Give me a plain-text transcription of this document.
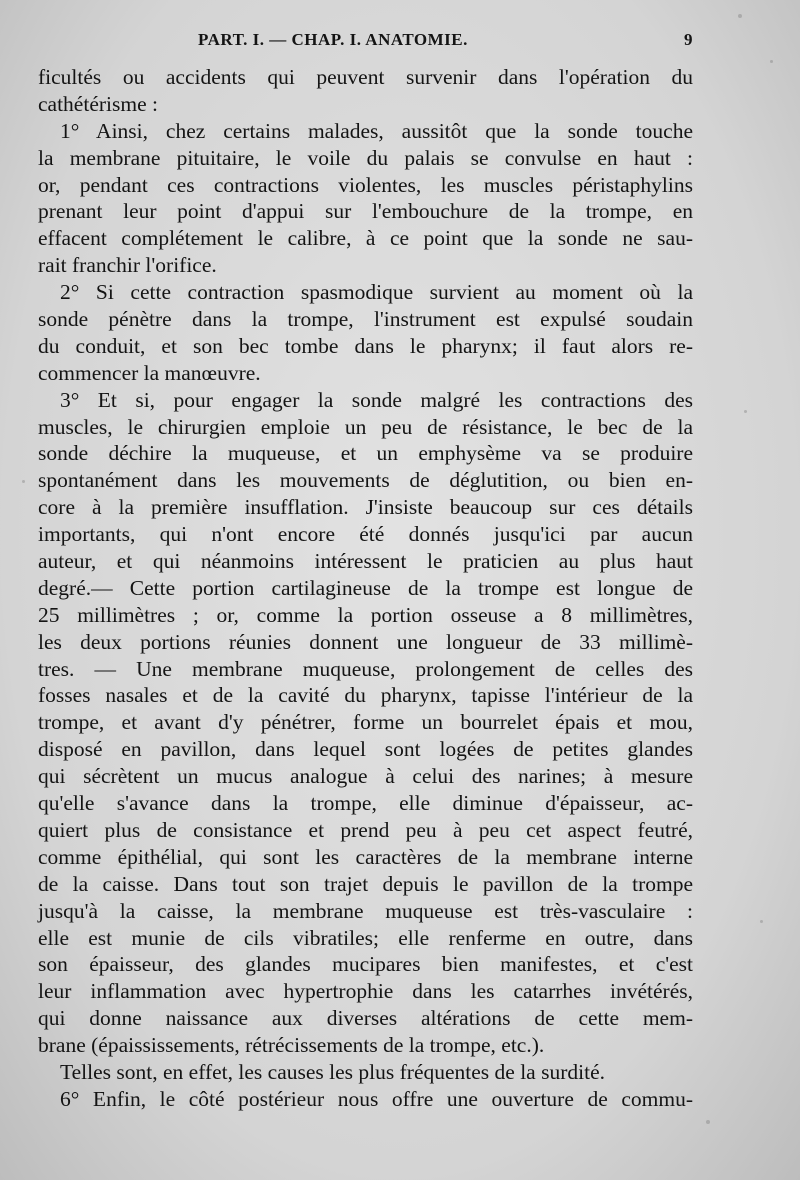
PART. I. — CHAP. I. ANATOMIE.	9
ficultés ou accidents qui peuvent survenir dans l'opération du
cathétérisme :
1° Ainsi, chez certains malades, aussitôt que la sonde touche
la membrane pituitaire, le voile du palais se convulse en haut :
or, pendant ces contractions violentes, les muscles péristaphylins
prenant leur point d'appui sur l'embouchure de la trompe, en
effacent complétement le calibre, à ce point que la sonde ne sau-
rait franchir l'orifice.
2° Si cette contraction spasmodique survient au moment où la
sonde pénètre dans la trompe, l'instrument est expulsé soudain
du conduit, et son bec tombe dans le pharynx; il faut alors re-
commencer la manœuvre.
3° Et si, pour engager la sonde malgré les contractions des
muscles, le chirurgien emploie un peu de résistance, le bec de la
sonde déchire la muqueuse, et un emphysème va se produire
spontanément dans les mouvements de déglutition, ou bien en-
core à la première insufflation. J'insiste beaucoup sur ces détails
importants, qui n'ont encore été donnés jusqu'ici par aucun
auteur, et qui néanmoins intéressent le praticien au plus haut
degré.— Cette portion cartilagineuse de la trompe est longue de
25 millimètres ; or, comme la portion osseuse a 8 millimètres,
les deux portions réunies donnent une longueur de 33 millimè-
tres. — Une membrane muqueuse, prolongement de celles des
fosses nasales et de la cavité du pharynx, tapisse l'intérieur de la
trompe, et avant d'y pénétrer, forme un bourrelet épais et mou,
disposé en pavillon, dans lequel sont logées de petites glandes
qui sécrètent un mucus analogue à celui des narines; à mesure
qu'elle s'avance dans la trompe, elle diminue d'épaisseur, ac-
quiert plus de consistance et prend peu à peu cet aspect feutré,
comme épithélial, qui sont les caractères de la membrane interne
de la caisse. Dans tout son trajet depuis le pavillon de la trompe
jusqu'à la caisse, la membrane muqueuse est très-vasculaire :
elle est munie de cils vibratiles; elle renferme en outre, dans
son épaisseur, des glandes mucipares bien manifestes, et c'est
leur inflammation avec hypertrophie dans les catarrhes invétérés,
qui donne naissance aux diverses altérations de cette mem-
brane (épaississements, rétrécissements de la trompe, etc.).
Telles sont, en effet, les causes les plus fréquentes de la surdité.
6° Enfin, le côté postérieur nous offre une ouverture de commu-
